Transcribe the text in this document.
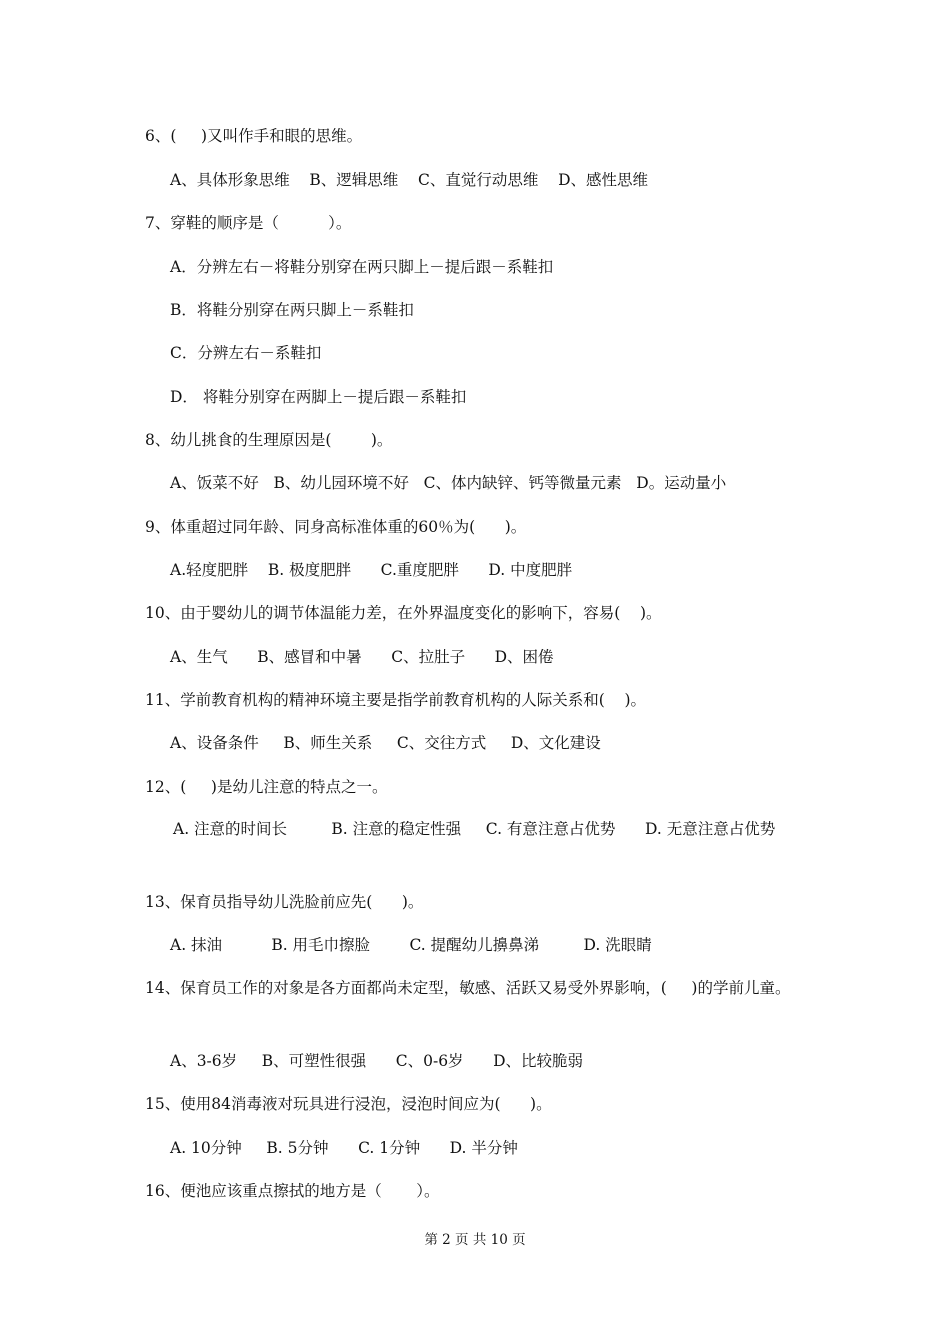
6、(     )又叫作手和眼的思维。
A、具体形象思维    B、逻辑思维    C、直觉行动思维    D、感性思维
7、穿鞋的顺序是（          ）。
A．分辨左右－将鞋分别穿在两只脚上－提后跟－系鞋扣
B．将鞋分别穿在两只脚上－系鞋扣
C．分辨左右－系鞋扣
D． 将鞋分别穿在两脚上－提后跟－系鞋扣
8、幼儿挑食的生理原因是(        )。
A、饭菜不好   B、幼儿园环境不好   C、体内缺锌、钙等微量元素   D。运动量小
9、体重超过同年龄、同身高标准体重的60％为(      )。
A.轻度肥胖    B. 极度肥胖      C.重度肥胖      D. 中度肥胖
10、由于婴幼儿的调节体温能力差，在外界温度变化的影响下，容易(    )。
A、生气      B、感冒和中暑      C、拉肚子      D、困倦
11、学前教育机构的精神环境主要是指学前教育机构的人际关系和(    )。
A、设备条件     B、师生关系     C、交往方式     D、文化建设
12、(     )是幼儿注意的特点之一。
A. 注意的时间长         B. 注意的稳定性强     C. 有意注意占优势      D. 无意注意占优势
13、保育员指导幼儿洗脸前应先(      )。
A. 抹油          B. 用毛巾擦脸        C. 提醒幼儿擤鼻涕         D. 洗眼睛
14、保育员工作的对象是各方面都尚未定型，敏感、活跃又易受外界影响，(     )的学前儿童。
A、3-6岁     B、可塑性很强      C、0-6岁      D、比较脆弱
15、使用84消毒液对玩具进行浸泡，浸泡时间应为(      )。
A. 10分钟     B. 5分钟      C. 1分钟      D. 半分钟
16、便池应该重点擦拭的地方是（       ）。
第 2 页 共 10 页
